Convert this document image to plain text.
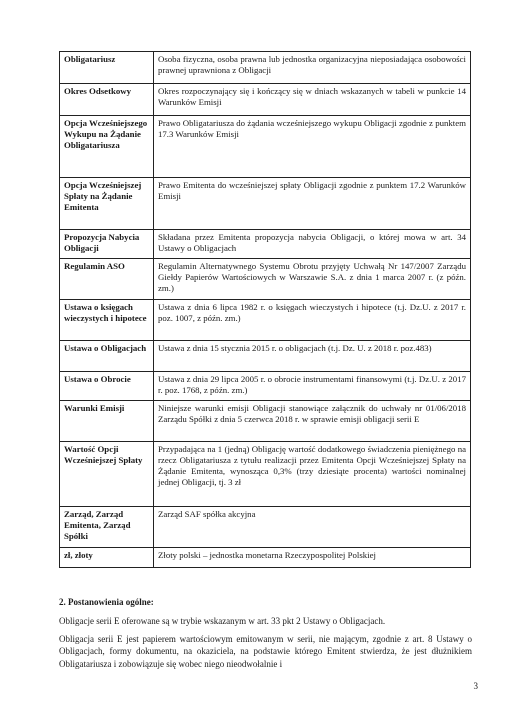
Obligatariusz	Osoba fizyczna, osoba prawna lub jednostka organizacyjna nieposiadająca osobowości prawnej uprawniona z Obligacji
Okres Odsetkowy	Okres rozpoczynający się i kończący się w dniach wskazanych w tabeli w punkcie 14 Warunków Emisji
Opcja Wcześniejszego Wykupu na Żądanie Obligatariusza	Prawo Obligatariusza do żądania wcześniejszego wykupu Obligacji zgodnie z punktem 17.3 Warunków Emisji
Opcja Wcześniejszej Spłaty na Żądanie Emitenta	Prawo Emitenta do wcześniejszej spłaty Obligacji zgodnie z punktem 17.2 Warunków Emisji
Propozycja Nabycia Obligacji	Składana przez Emitenta propozycja nabycia Obligacji, o której mowa w art. 34 Ustawy o Obligacjach
Regulamin ASO	Regulamin Alternatywnego Systemu Obrotu przyjęty Uchwałą Nr 147/2007 Zarządu Giełdy Papierów Wartościowych w Warszawie S.A. z dnia 1 marca 2007 r. (z późn. zm.)
Ustawa o księgach wieczystych i hipotece	Ustawa z dnia 6 lipca 1982 r. o księgach wieczystych i hipotece (t.j. Dz.U. z 2017 r. poz. 1007, z późn. zm.)
Ustawa o Obligacjach	Ustawa z dnia 15 stycznia 2015 r. o obligacjach (t.j. Dz. U. z 2018 r. poz.483)
Ustawa o Obrocie	Ustawa z dnia 29 lipca 2005 r. o obrocie instrumentami finansowymi (t.j. Dz.U. z 2017 r. poz. 1768, z późn. zm.)
Warunki Emisji	Niniejsze warunki emisji Obligacji stanowiące załącznik do uchwały nr 01/06/2018 Zarządu Spółki z dnia 5 czerwca 2018 r. w sprawie emisji obligacji serii E
Wartość Opcji Wcześniejszej Spłaty	Przypadająca na 1 (jedną) Obligację wartość dodatkowego świadczenia pieniężnego na rzecz Obligatariusza z tytułu realizacji przez Emitenta Opcji Wcześniejszej Spłaty na Żądanie Emitenta, wynosząca 0,3% (trzy dziesiąte procenta) wartości nominalnej jednej Obligacji, tj. 3 zł
Zarząd, Zarząd Emitenta, Zarząd Spółki	Zarząd SAF spółka akcyjna
zł, złoty	Złoty polski – jednostka monetarna Rzeczypospolitej Polskiej
2. Postanowienia ogólne:

Obligacje serii E oferowane są w trybie wskazanym w art. 33 pkt 2 Ustawy o Obligacjach.

Obligacja serii E jest papierem wartościowym emitowanym w serii, nie mającym, zgodnie z art. 8 Ustawy o Obligacjach, formy dokumentu, na okaziciela, na podstawie którego Emitent stwierdza, że jest dłużnikiem Obligatariusza i zobowiązuje się wobec niego nieodwołalnie i

3
